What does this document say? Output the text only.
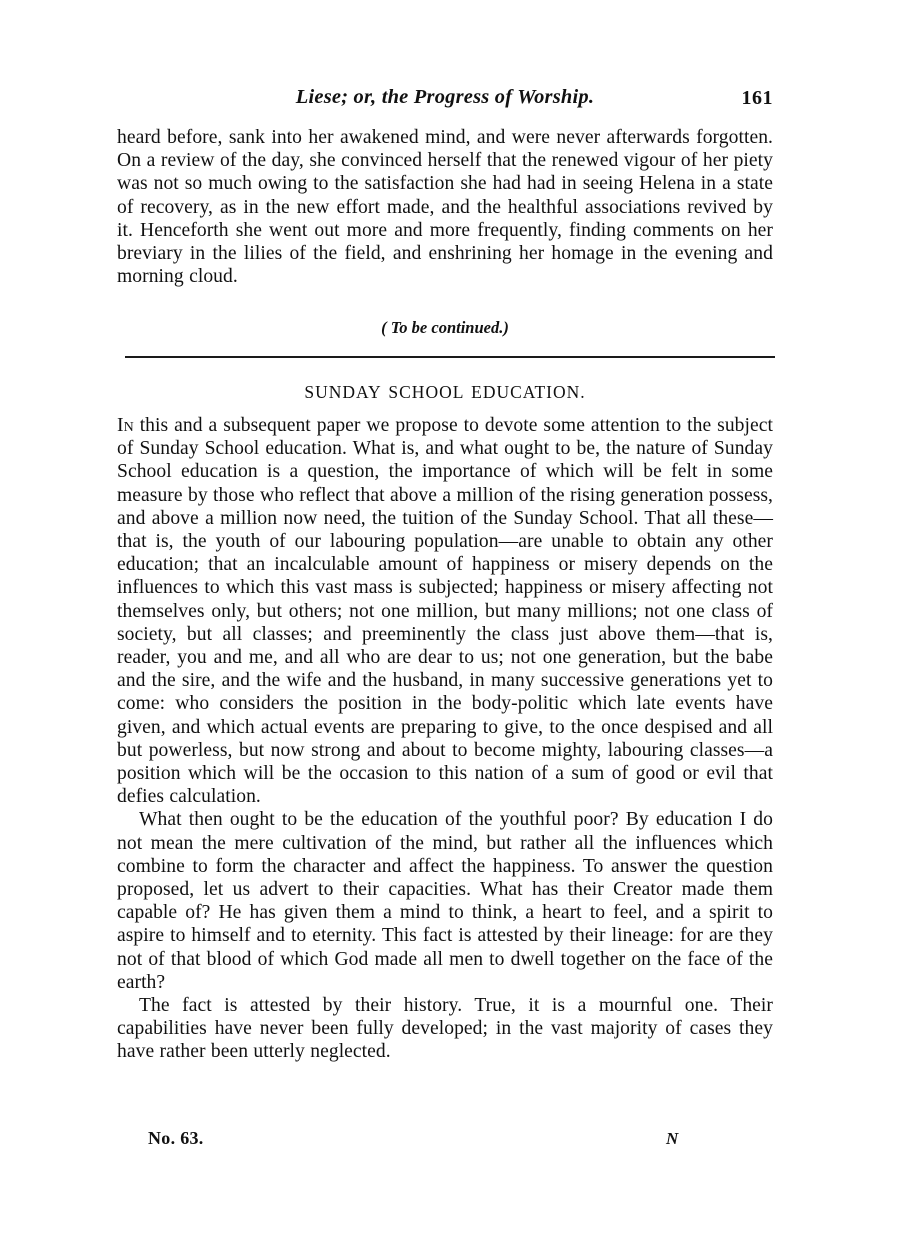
Liese; or, the Progress of Worship.	161

heard before, sank into her awakened mind, and were never afterwards forgotten. On a review of the day, she convinced herself that the renewed vigour of her piety was not so much owing to the satisfaction she had had in seeing Helena in a state of recovery, as in the new effort made, and the healthful associations revived by it. Henceforth she went out more and more frequently, finding comments on her breviary in the lilies of the field, and enshrining her homage in the evening and morning cloud.

( To be continued.)
SUNDAY SCHOOL EDUCATION.

In this and a subsequent paper we propose to devote some attention to the subject of Sunday School education. What is, and what ought to be, the nature of Sunday School education is a question, the importance of which will be felt in some measure by those who reflect that above a million of the rising generation possess, and above a million now need, the tuition of the Sunday School. That all these—that is, the youth of our labouring population—are unable to obtain any other education; that an incalculable amount of happiness or misery depends on the influences to which this vast mass is subjected; happiness or misery affecting not themselves only, but others; not one million, but many millions; not one class of society, but all classes; and preeminently the class just above them—that is, reader, you and me, and all who are dear to us; not one generation, but the babe and the sire, and the wife and the husband, in many successive generations yet to come: who considers the position in the body-politic which late events have given, and which actual events are preparing to give, to the once despised and all but powerless, but now strong and about to become mighty, labouring classes—a position which will be the occasion to this nation of a sum of good or evil that defies calculation.

What then ought to be the education of the youthful poor? By education I do not mean the mere cultivation of the mind, but rather all the influences which combine to form the character and affect the happiness. To answer the question proposed, let us advert to their capacities. What has their Creator made them capable of? He has given them a mind to think, a heart to feel, and a spirit to aspire to himself and to eternity. This fact is attested by their lineage: for are they not of that blood of which God made all men to dwell together on the face of the earth?

The fact is attested by their history. True, it is a mournful one. Their capabilities have never been fully developed; in the vast majority of cases they have rather been utterly neglected.

No. 63.	N
